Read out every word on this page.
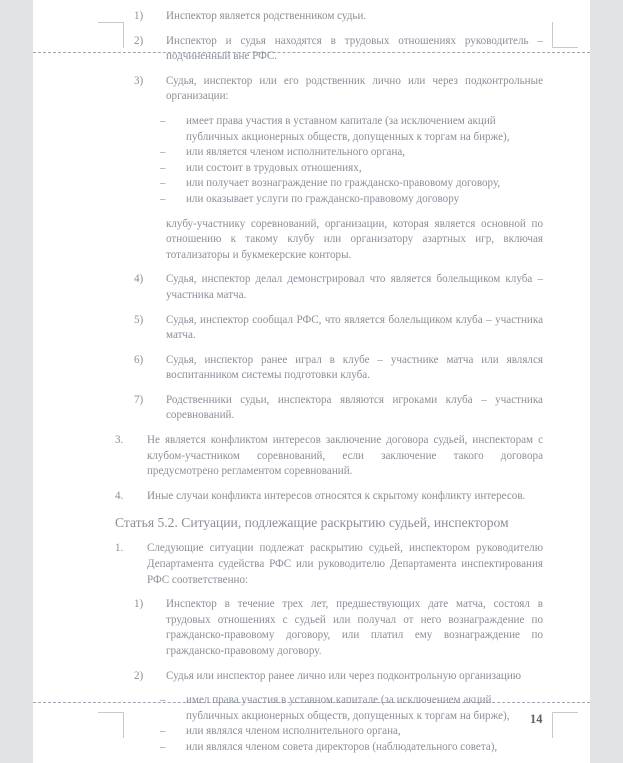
1) Инспектор является родственником судьи.
2) Инспектор и судья находятся в трудовых отношениях руководитель – подчиненный вне РФС.
3) Судья, инспектор или его родственник лично или через подконтрольные организации:
– имеет права участия в уставном капитале (за исключением акций публичных акционерных обществ, допущенных к торгам на бирже),
– или является членом исполнительного органа,
– или состоит в трудовых отношениях,
– или получает вознаграждение по гражданско-правовому договору,
– или оказывает услуги по гражданско-правовому договору
клубу-участнику соревнований, организации, которая является основной по отношению к такому клубу или организатору азартных игр, включая тотализаторы и букмекерские конторы.
4) Судья, инспектор делал демонстрировал что является болельщиком клуба – участника матча.
5) Судья, инспектор сообщал РФС, что является болельщиком клуба – участника матча.
6) Судья, инспектор ранее играл в клубе – участнике матча или являлся воспитанником системы подготовки клуба.
7) Родственники судьи, инспектора являются игроками клуба – участника соревнований.
3. Не является конфликтом интересов заключение договора судьей, инспекторам с клубом-участником соревнований, если заключение такого договора предусмотрено регламентом соревнований.
4. Иные случаи конфликта интересов относятся к скрытому конфликту интересов.
Статья 5.2. Ситуации, подлежащие раскрытию судьей, инспектором
1. Следующие ситуации подлежат раскрытию судьей, инспектором руководителю Департамента судейства РФС или руководителю Департамента инспектирования РФС соответственно:
1) Инспектор в течение трех лет, предшествующих дате матча, состоял в трудовых отношениях с судьей или получал от него вознаграждение по гражданско-правовому договору, или платил ему вознаграждение по гражданско-правовому договору.
2) Судья или инспектор ранее лично или через подконтрольную организацию
– имел права участия в уставном капитале (за исключением акций публичных акционерных обществ, допущенных к торгам на бирже),
– или являлся членом исполнительного органа,
– или являлся членом совета директоров (наблюдательного совета),
14
